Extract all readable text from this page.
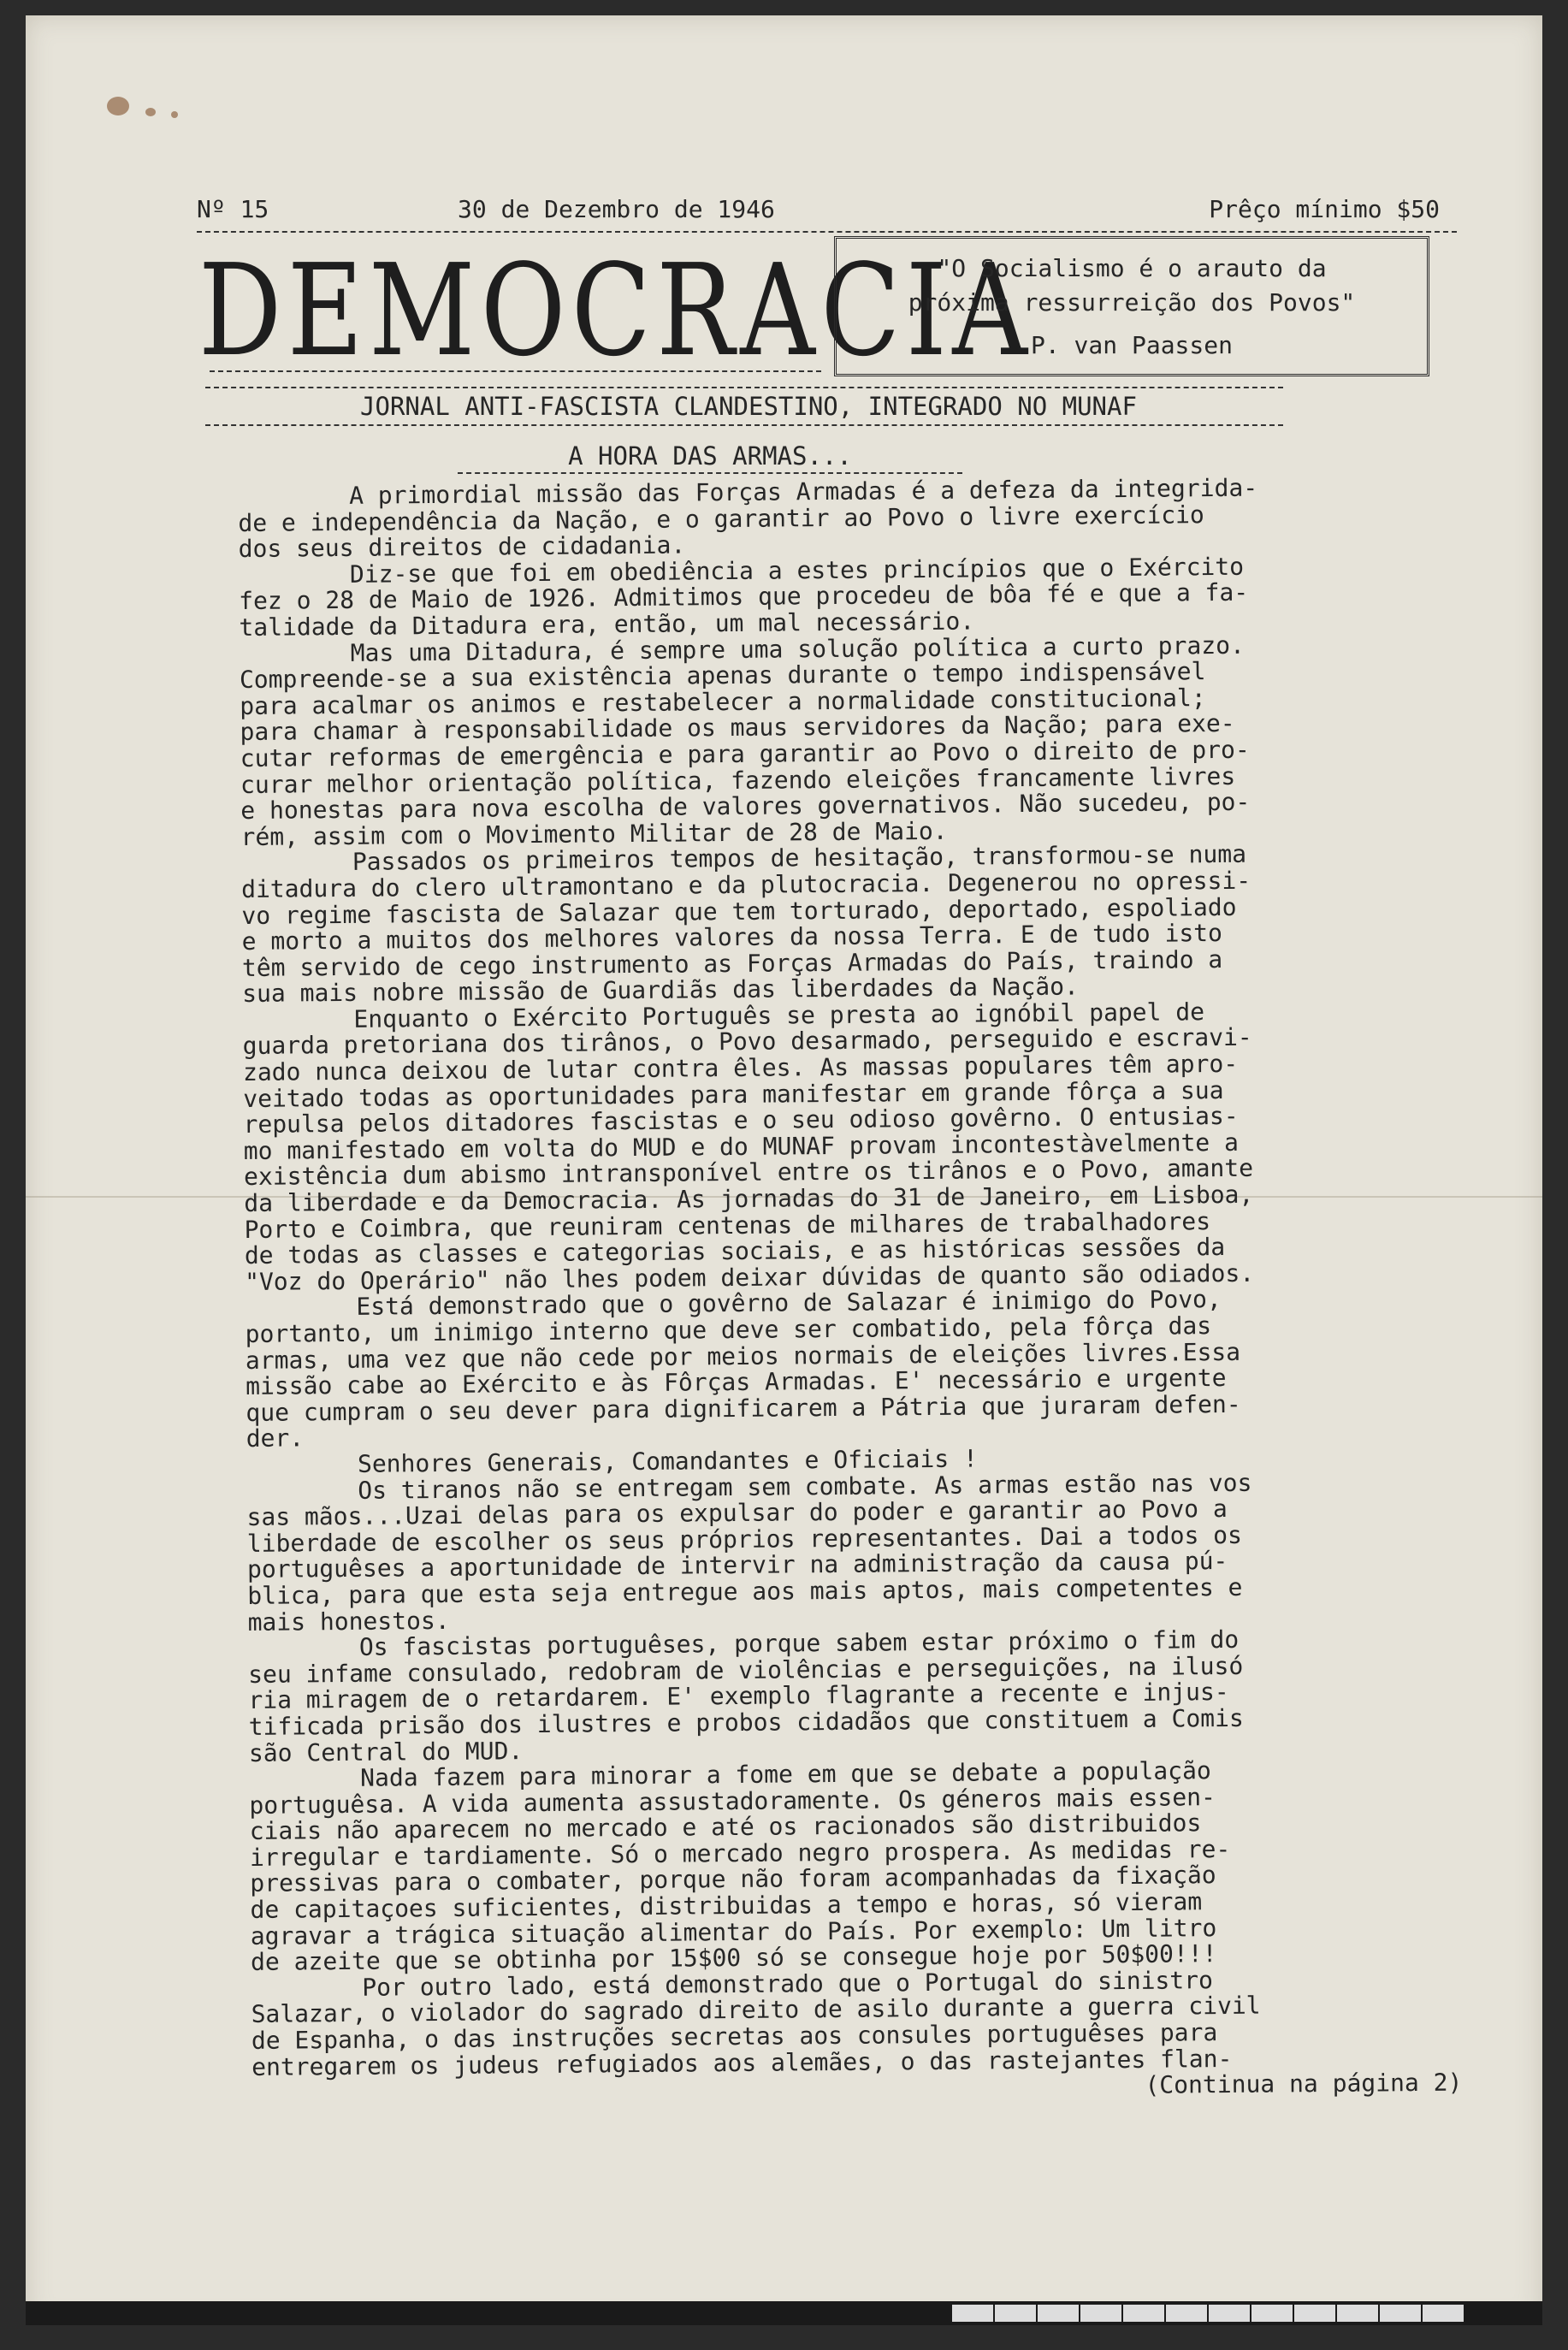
Nº 15	30 de Dezembro de 1946	Prêço mínimo $50
DEMOCRACIA
"O Socialismo é o arauto da
próxima ressurreição dos Povos"
P. van Paassen
JORNAL ANTI-FASCISTA CLANDESTINO, INTEGRADO NO MUNAF
A HORA DAS ARMAS...
A primordial missão das Forças Armadas é a defeza da integrida-
de e independência da Nação, e o garantir ao Povo o livre exercício
dos seus direitos de cidadania.
Diz-se que foi em obediência a estes princípios que o Exército
fez o 28 de Maio de 1926. Admitimos que procedeu de bôa fé e que a fa-
talidade da Ditadura era, então, um mal necessário.
Mas uma Ditadura, é sempre uma solução política a curto prazo.
Compreende-se a sua existência apenas durante o tempo indispensável
para acalmar os animos e restabelecer a normalidade constitucional;
para chamar à responsabilidade os maus servidores da Nação; para exe-
cutar reformas de emergência e para garantir ao Povo o direito de pro-
curar melhor orientação política, fazendo eleições francamente livres
e honestas para nova escolha de valores governativos. Não sucedeu, po-
rém, assim com o Movimento Militar de 28 de Maio.
Passados os primeiros tempos de hesitação, transformou-se numa
ditadura do clero ultramontano e da plutocracia. Degenerou no opressi-
vo regime fascista de Salazar que tem torturado, deportado, espoliado
e morto a muitos dos melhores valores da nossa Terra. E de tudo isto
têm servido de cego instrumento as Forças Armadas do País, traindo a
sua mais nobre missão de Guardiãs das liberdades da Nação.
Enquanto o Exército Português se presta ao ignóbil papel de
guarda pretoriana dos tirânos, o Povo desarmado, perseguido e escravi-
zado nunca deixou de lutar contra êles. As massas populares têm apro-
veitado todas as oportunidades para manifestar em grande fôrça a sua
repulsa pelos ditadores fascistas e o seu odioso govêrno. O entusias-
mo manifestado em volta do MUD e do MUNAF provam incontestàvelmente a
existência dum abismo intransponível entre os tirânos e o Povo, amante
da liberdade e da Democracia. As jornadas do 31 de Janeiro, em Lisboa,
Porto e Coimbra, que reuniram centenas de milhares de trabalhadores
de todas as classes e categorias sociais, e as históricas sessões da
"Voz do Operário" não lhes podem deixar dúvidas de quanto são odiados.
Está demonstrado que o govêrno de Salazar é inimigo do Povo,
portanto, um inimigo interno que deve ser combatido, pela fôrça das
armas, uma vez que não cede por meios normais de eleições livres.Essa
missão cabe ao Exército e às Fôrças Armadas. E' necessário e urgente
que cumpram o seu dever para dignificarem a Pátria que juraram defen-
der.
Senhores Generais, Comandantes e Oficiais !
Os tiranos não se entregam sem combate. As armas estão nas vos
sas mãos...Uzai delas para os expulsar do poder e garantir ao Povo a
liberdade de escolher os seus próprios representantes. Dai a todos os
portuguêses a aportunidade de intervir na administração da causa pú-
blica, para que esta seja entregue aos mais aptos, mais competentes e
mais honestos.
Os fascistas portuguêses, porque sabem estar próximo o fim do
seu infame consulado, redobram de violências e perseguições, na ilusó
ria miragem de o retardarem. E' exemplo flagrante a recente e injus-
tificada prisão dos ilustres e probos cidadãos que constituem a Comis
são Central do MUD.
Nada fazem para minorar a fome em que se debate a população
portuguêsa. A vida aumenta assustadoramente. Os géneros mais essen-
ciais não aparecem no mercado e até os racionados são distribuidos
irregular e tardiamente. Só o mercado negro prospera. As medidas re-
pressivas para o combater, porque não foram acompanhadas da fixação
de capitaçoes suficientes, distribuidas a tempo e horas, só vieram
agravar a trágica situação alimentar do País. Por exemplo: Um litro
de azeite que se obtinha por 15$00 só se consegue hoje por 50$00!!!
Por outro lado, está demonstrado que o Portugal do sinistro
Salazar, o violador do sagrado direito de asilo durante a guerra civil
de Espanha, o das instruções secretas aos consules portuguêses para
entregarem os judeus refugiados aos alemães, o das rastejantes flan-
(Continua na página 2)
